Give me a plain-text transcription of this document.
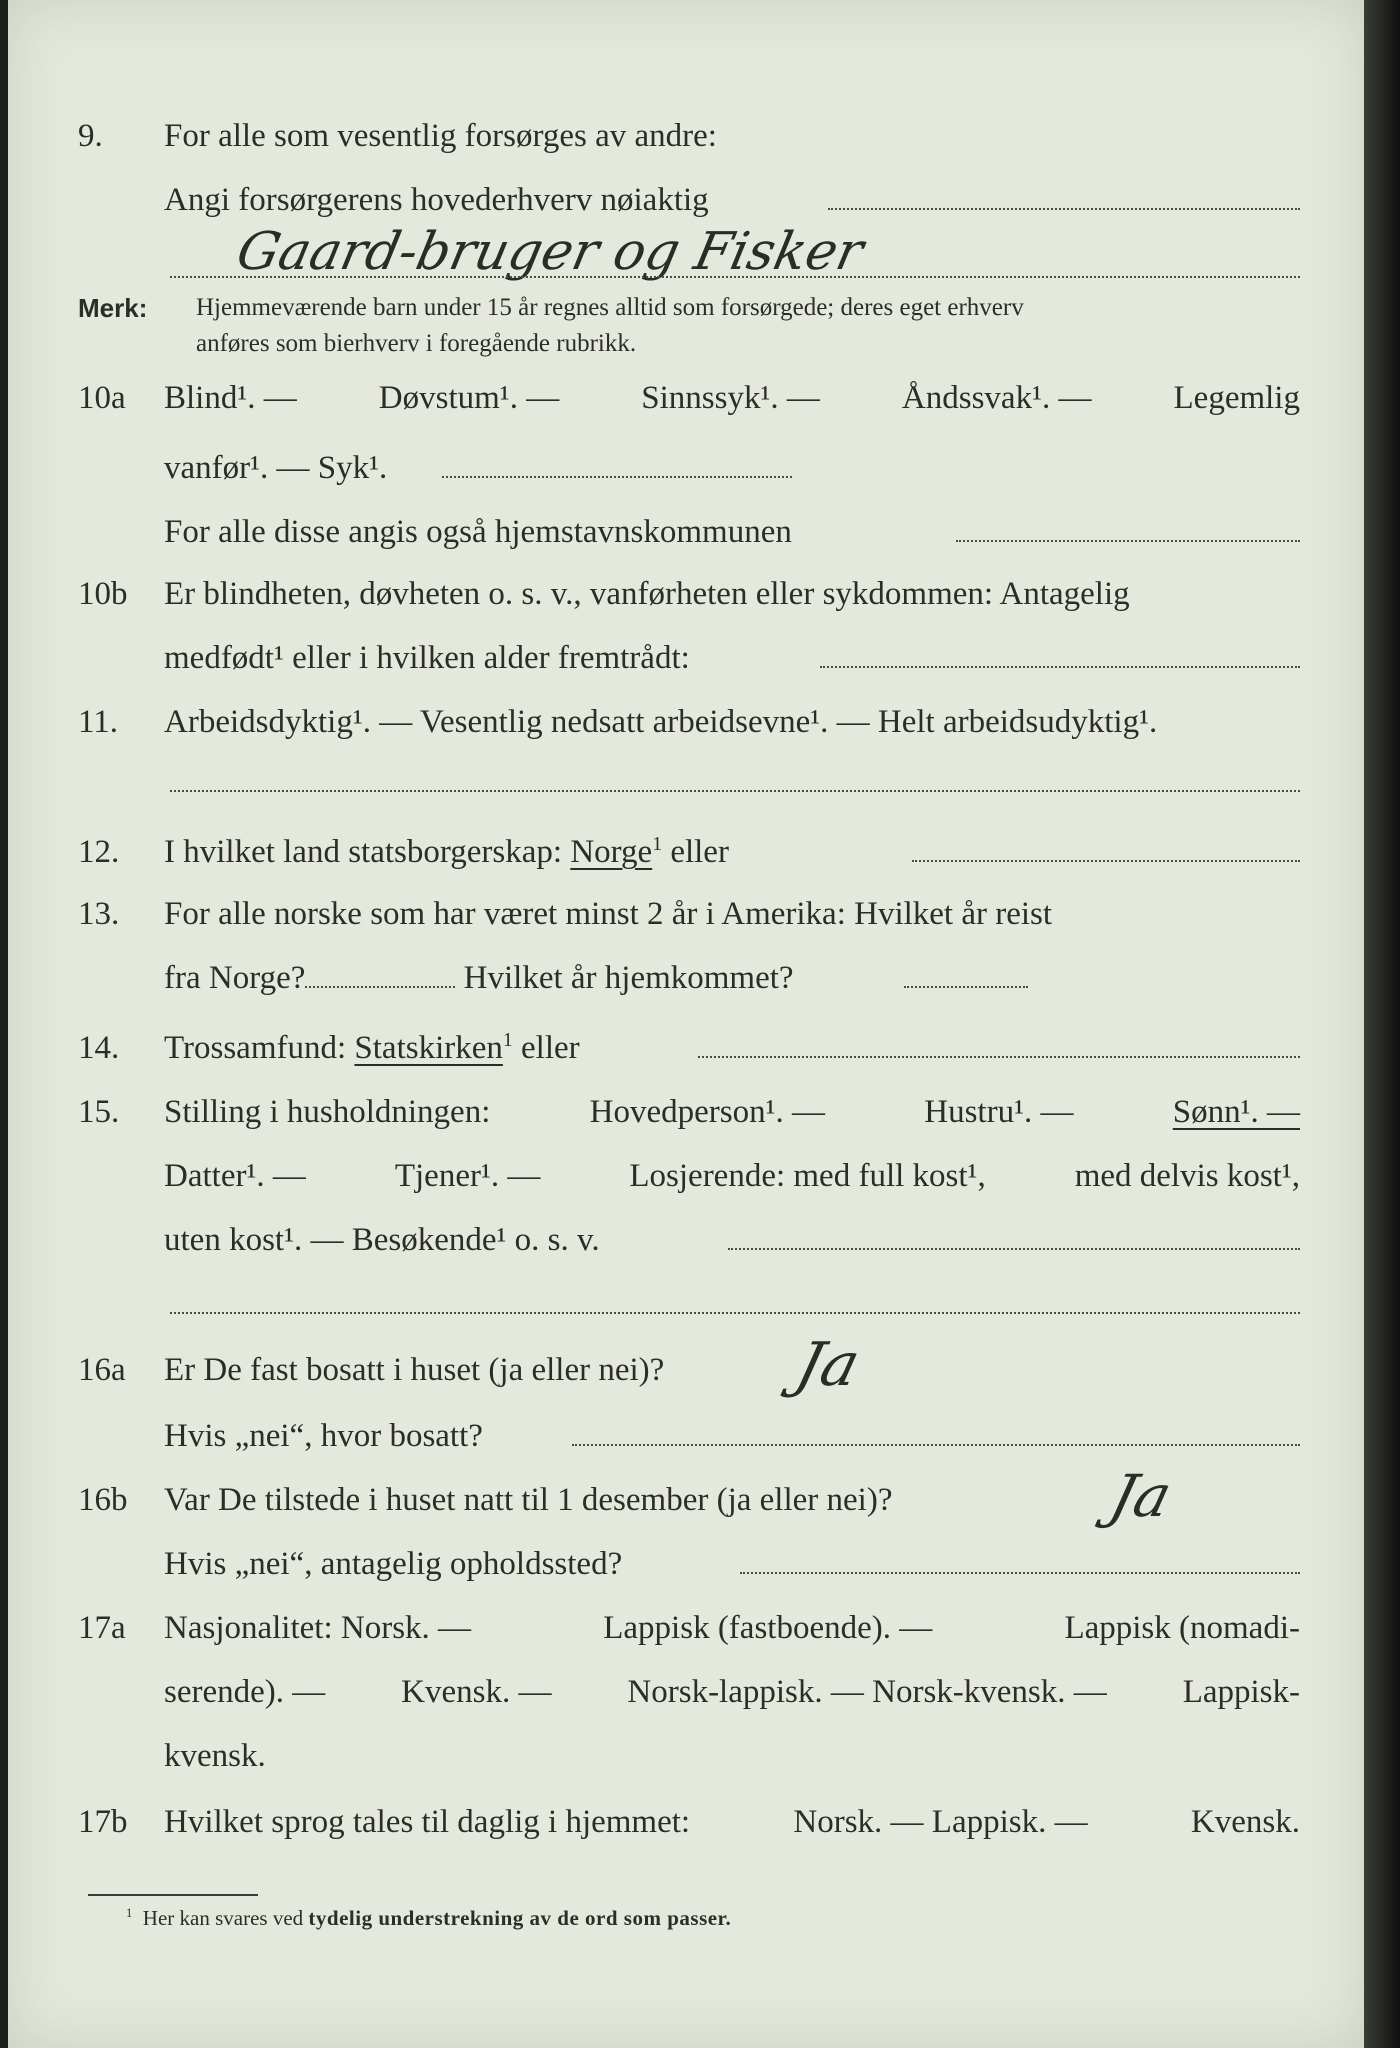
9. For alle som vesentlig forsørges av andre:
Angi forsørgerens hovederhverv nøiaktig
Gaard-bruger og Fisker
Merk: Hjemmeværende barn under 15 år regnes alltid som forsørgede; deres eget erhverv
anføres som bierhverv i foregående rubrikk.
10a Blind¹. — Døvstum¹. — Sinnssyk¹. — Åndssvak¹. — Legemlig
vanfør¹. — Syk¹.
For alle disse angis også hjemstavnskommunen
10b Er blindheten, døvheten o. s. v., vanførheten eller sykdommen: Antagelig
medfødt¹ eller i hvilken alder fremtrådt:
11. Arbeidsdyktig¹. — Vesentlig nedsatt arbeidsevne¹. — Helt arbeidsudyktig¹.
12. I hvilket land statsborgerskap: Norge$^1$ eller
13. For alle norske som har været minst 2 år i Amerika: Hvilket år reist
fra Norge?	Hvilket år hjemkommet?
14. Trossamfund: Statskirken$^1$ eller
15. Stilling i husholdningen:	Hovedperson¹. —	Hustru¹. —	Sønn¹. —
Datter¹. —	Tjener¹. —	Losjerende: med full kost¹,	med delvis kost¹,
uten kost¹. — Besøkende¹ o. s. v.
16a Er De fast bosatt i huset (ja eller nei)? Ja
Hvis „nei“, hvor bosatt?
16b Var De tilstede i huset natt til 1 desember (ja eller nei)?	Ja
Hvis „nei“, antagelig opholdssted?
17a Nasjonalitet: Norsk. —	Lappisk (fastboende). —	Lappisk (nomadi-
serende). — Kvensk. — Norsk-lappisk. — Norsk-kvensk. — Lappisk-
kvensk.
17b Hvilket sprog tales til daglig i hjemmet:	Norsk. — Lappisk. —	Kvensk.
$^1$ Her kan svares ved tydelig understrekning av de ord som passer.
